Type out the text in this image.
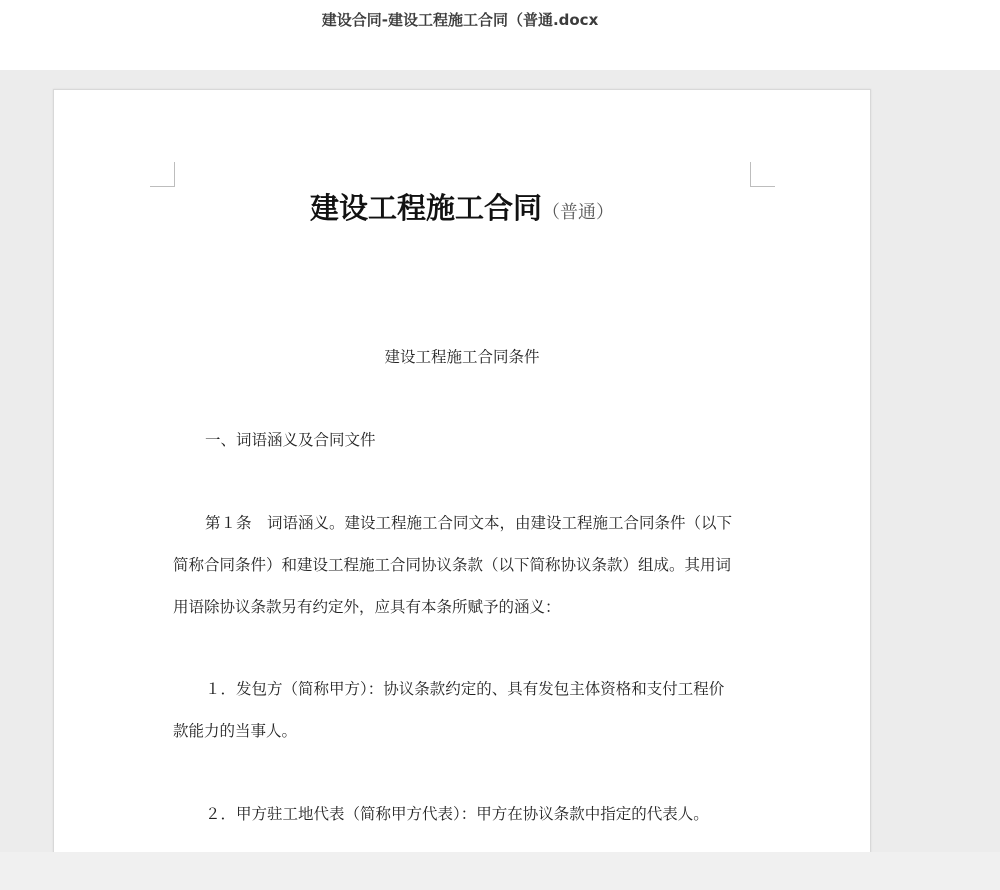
建设合同-建设工程施工合同（普通.docx
建设工程施工合同（普通）
建设工程施工合同条件
一、词语涵义及合同文件
第１条　词语涵义。建设工程施工合同文本，由建设工程施工合同条件（以下
简称合同条件）和建设工程施工合同协议条款（以下简称协议条款）组成。其用词
用语除协议条款另有约定外，应具有本条所赋予的涵义：
１．发包方（简称甲方）：协议条款约定的、具有发包主体资格和支付工程价
款能力的当事人。
２．甲方驻工地代表（简称甲方代表）：甲方在协议条款中指定的代表人。
